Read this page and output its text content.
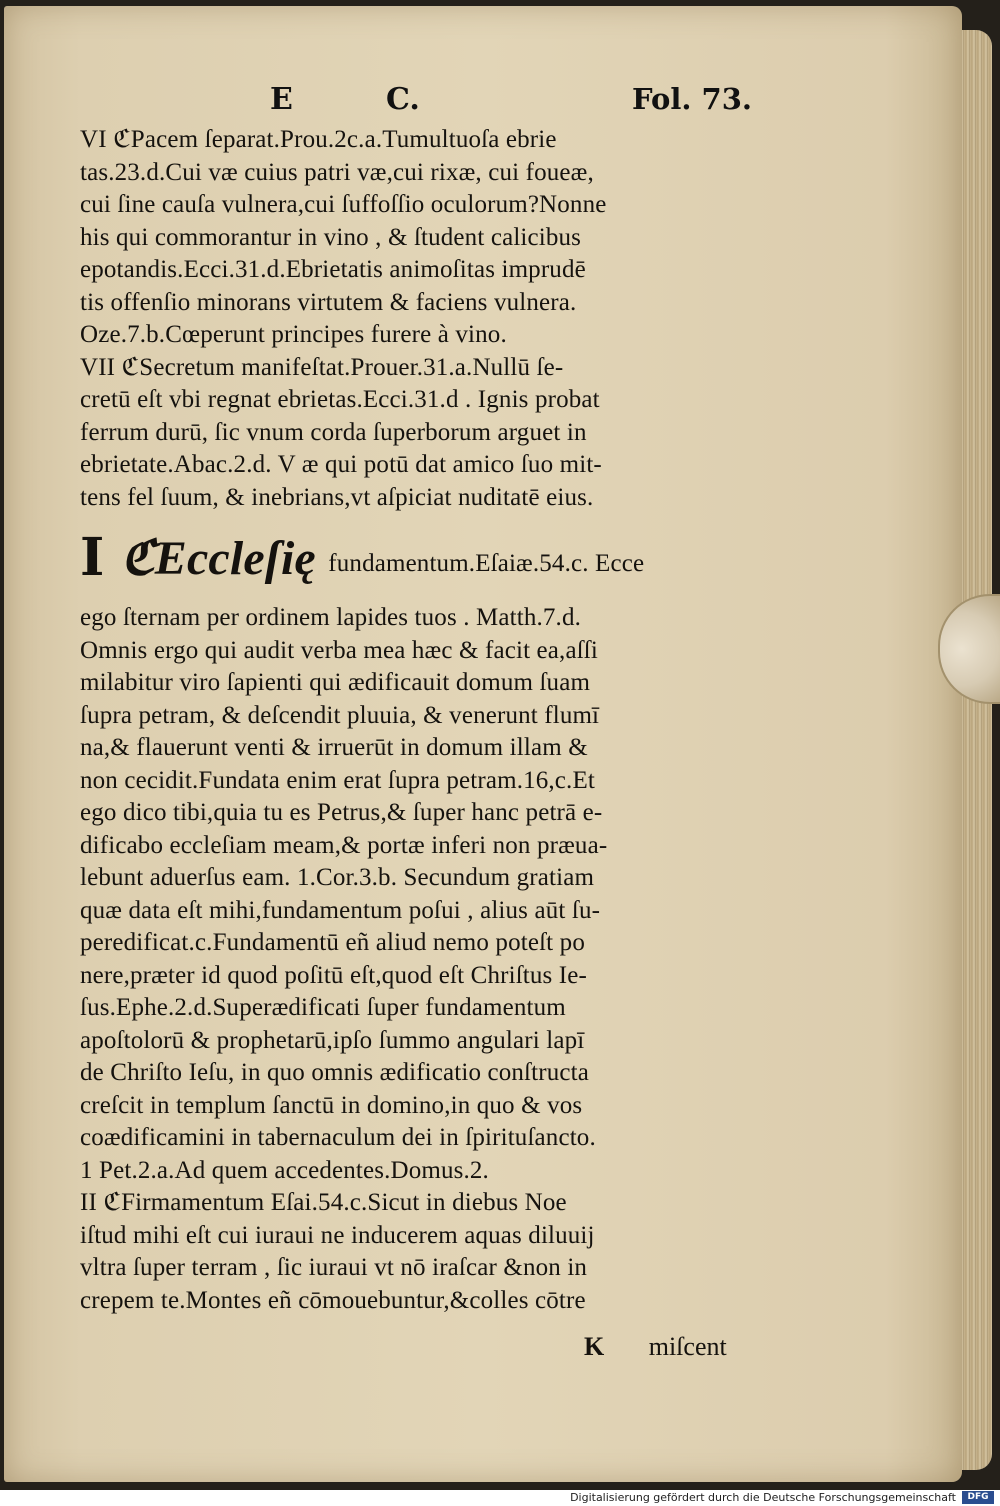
E	C.	Fol. 73.
VI ℭPacem ſeparat.Prou.2c.a.Tumultuoſa ebrie
tas.23.d.Cui væ cuius patri væ,cui rixæ, cui foueæ,
cui ſine cauſa vulnera,cui ſuffoſſio oculorum?Nonne
his qui commorantur in vino , & ſtudent calicibus
epotandis.Ecci.31.d.Ebrietatis animoſitas imprudē
tis offenſio minorans virtutem & faciens vulnera.
Oze.7.b.Cœperunt principes furere à vino.
VII ℭSecretum manifeſtat.Prouer.31.a.Nullū ſe-
cretū eſt vbi regnat ebrietas.Ecci.31.d . Ignis probat
ferrum durū, ſic vnum corda ſuperborum arguet in
ebrietate.Abac.2.d. V æ qui potū dat amico ſuo mit-
tens fel ſuum, & inebrians,vt aſpiciat nuditatē eius.
I ℭEccleſię fundamentum.Eſaiæ.54.c. Ecce
ego ſternam per ordinem lapides tuos . Matth.7.d.
Omnis ergo qui audit verba mea hæc & facit ea,aſſi
milabitur viro ſapienti qui ædificauit domum ſuam
ſupra petram, & deſcendit pluuia, & venerunt flumī
na,& flauerunt venti & irruerūt in domum illam &
non cecidit.Fundata enim erat ſupra petram.16,c.Et
ego dico tibi,quia tu es Petrus,& ſuper hanc petrā e-
dificabo eccleſiam meam,& portæ inferi non præua-
lebunt aduerſus eam. 1.Cor.3.b. Secundum gratiam
quæ data eſt mihi,fundamentum poſui , alius aūt ſu-
peredificat.c.Fundamentū eñ aliud nemo poteſt po
nere,præter id quod poſitū eſt,quod eſt Chriſtus Ie-
ſus.Ephe.2.d.Superædificati ſuper fundamentum
apoſtolorū & prophetarū,ipſo ſummo angulari lapī
de Chriſto Ieſu, in quo omnis ædificatio conſtructa
creſcit in templum ſanctū in domino,in quo & vos
coædificamini in tabernaculum dei in ſpirituſancto.
1 Pet.2.a.Ad quem accedentes.Domus.2.
II ℭFirmamentum Eſai.54.c.Sicut in diebus Noe
iſtud mihi eſt cui iuraui ne inducerem aquas diluuij
vltra ſuper terram , ſic iuraui vt nō iraſcar &non in
crepem te.Montes eñ cōmouebuntur,&colles cōtre
K miſcent
Digitalisierung gefördert durch die Deutsche Forschungsgemeinschaft	DFG
